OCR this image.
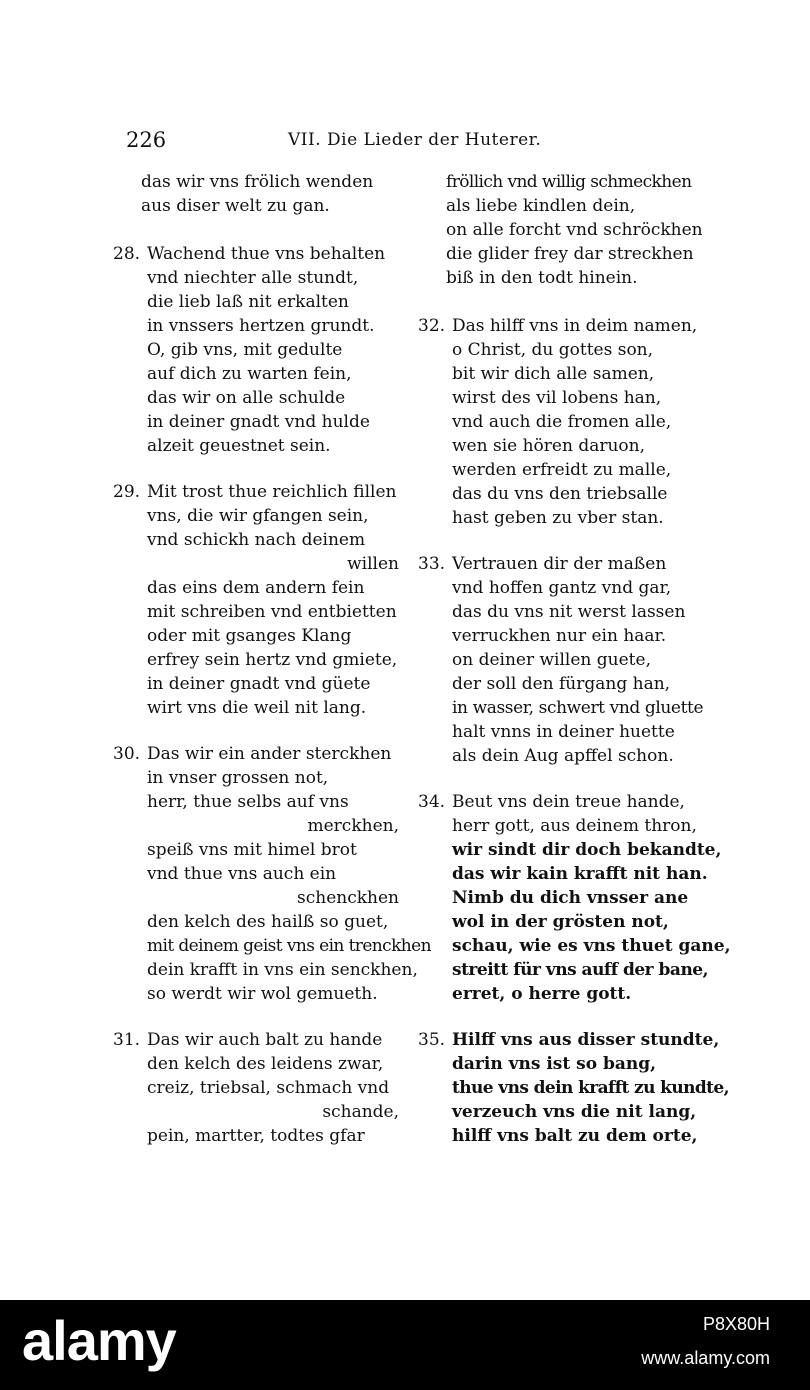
226	VII. Die Lieder der Huterer.
das wir vns frölich wenden
aus diser welt zu gan.
28. Wachend thue vns behalten
vnd niechter alle stundt,
die lieb laß nit erkalten
in vnssers hertzen grundt.
O, gib vns, mit gedulte
auf dich zu warten fein,
das wir on alle schulde
in deiner gnadt vnd hulde
alzeit geuestnet sein.
29. Mit trost thue reichlich fillen
vns, die wir gfangen sein,
vnd schickh nach deinem
willen
das eins dem andern fein
mit schreiben vnd entbietten
oder mit gsanges Klang
erfrey sein hertz vnd gmiete,
in deiner gnadt vnd güete
wirt vns die weil nit lang.
30. Das wir ein ander sterckhen
in vnser grossen not,
herr, thue selbs auf vns
merckhen,
speiß vns mit himel brot
vnd thue vns auch ein
schenckhen
den kelch des hailß so guet,
mit deinem geist vns ein trenckhen
dein krafft in vns ein senckhen,
so werdt wir wol gemueth.
31. Das wir auch balt zu hande
den kelch des leidens zwar,
creiz, triebsal, schmach vnd
schande,
pein, martter, todtes gfar
fröllich vnd willig schmeckhen
als liebe kindlen dein,
on alle forcht vnd schröckhen
die glider frey dar streckhen
biß in den todt hinein.
32. Das hilff vns in deim namen,
o Christ, du gottes son,
bit wir dich alle samen,
wirst des vil lobens han,
vnd auch die fromen alle,
wen sie hören daruon,
werden erfreidt zu malle,
das du vns den triebsalle
hast geben zu vber stan.
33. Vertrauen dir der maßen
vnd hoffen gantz vnd gar,
das du vns nit werst lassen
verruckhen nur ein haar.
on deiner willen guete,
der soll den fürgang han,
in wasser, schwert vnd gluette
halt vnns in deiner huette
als dein Aug apffel schon.
34. Beut vns dein treue hande,
herr gott, aus deinem thron,
wir sindt dir doch bekandte,
das wir kain krafft nit han.
Nimb du dich vnsser ane
wol in der grösten not,
schau, wie es vns thuet gane,
streitt für vns auff der bane,
erret, o herre gott.
35. Hilff vns aus disser stundte,
darin vns ist so bang,
thue vns dein krafft zu kundte,
verzeuch vns die nit lang,
hilff vns balt zu dem orte,
alamy	P8X80H
www.alamy.com
